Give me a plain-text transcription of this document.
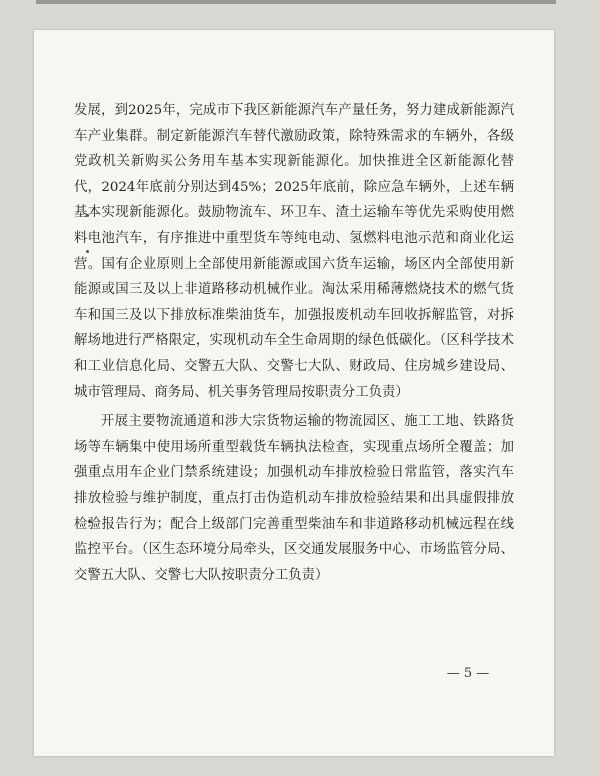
发展，到2025年，完成市下我区新能源汽车产量任务，努力建成新能源汽车产业集群。制定新能源汽车替代激励政策，除特殊需求的车辆外，各级党政机关新购买公务用车基本实现新能源化。加快推进全区新能源化替代，2024年底前分别达到45%；2025年底前，除应急车辆外，上述车辆基本实现新能源化。鼓励物流车、环卫车、渣土运输车等优先采购使用燃料电池汽车，有序推进中重型货车等纯电动、氢燃料电池示范和商业化运营。国有企业原则上全部使用新能源或国六货车运输，场区内全部使用新能源或国三及以上非道路移动机械作业。淘汰采用稀薄燃烧技术的燃气货车和国三及以下排放标准柴油货车，加强报废机动车回收拆解监管，对拆解场地进行严格限定，实现机动车全生命周期的绿色低碳化。（区科学技术和工业信息化局、交警五大队、交警七大队、财政局、住房城乡建设局、城市管理局、商务局、机关事务管理局按职责分工负责）

开展主要物流通道和涉大宗货物运输的物流园区、施工工地、铁路货场等车辆集中使用场所重型载货车辆执法检查，实现重点场所全覆盖；加强重点用车企业门禁系统建设；加强机动车排放检验日常监管，落实汽车排放检验与维护制度，重点打击伪造机动车排放检验结果和出具虚假排放检验报告行为；配合上级部门完善重型柴油车和非道路移动机械远程在线监控平台。（区生态环境分局牵头，区交通发展服务中心、市场监管分局、交警五大队、交警七大队按职责分工负责）

— 5 —
